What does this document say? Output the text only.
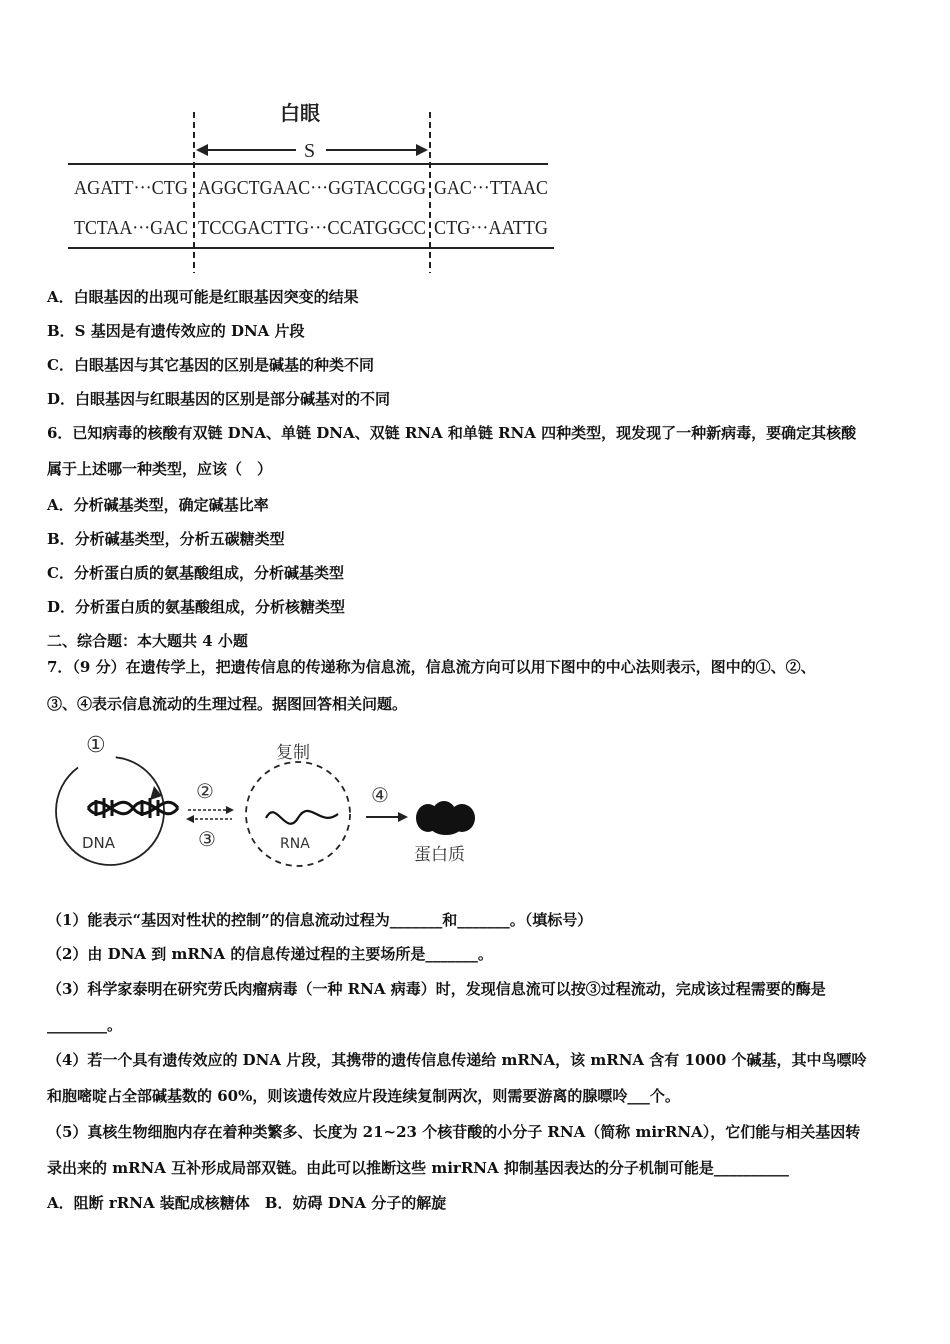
白眼
S
AGATT···CTG AGGCTGAAC···GGTACCGG GAC···TTAAC
TCTAA···GAC TCCGACTTG···CCATGGCC CTG···AATTG
A．白眼基因的出现可能是红眼基因突变的结果
B．S 基因是有遗传效应的 DNA 片段
C．白眼基因与其它基因的区别是碱基的种类不同
D．白眼基因与红眼基因的区别是部分碱基对的不同
6．已知病毒的核酸有双链 DNA、单链 DNA、双链 RNA 和单链 RNA 四种类型，现发现了一种新病毒，要确定其核酸
属于上述哪一种类型，应该（　）
A．分析碱基类型，确定碱基比率
B．分析碱基类型，分析五碳糖类型
C．分析蛋白质的氨基酸组成，分析碱基类型
D．分析蛋白质的氨基酸组成，分析核糖类型
二、综合题：本大题共 4 小题
7．（9 分）在遗传学上，把遗传信息的传递称为信息流，信息流方向可以用下图中的中心法则表示，图中的①、②、
③、④表示信息流动的生理过程。据图回答相关问题。
①
DNA
②
③
复制
RNA
④
蛋白质
（1）能表示“基因对性状的控制”的信息流动过程为_______和_______。（填标号）
（2）由 DNA 到 mRNA 的信息传递过程的主要场所是_______。
（3）科学家泰明在研究劳氏肉瘤病毒（一种 RNA 病毒）时，发现信息流可以按③过程流动，完成该过程需要的酶是
________。
（4）若一个具有遗传效应的 DNA 片段，其携带的遗传信息传递给 mRNA，该 mRNA 含有 1000 个碱基，其中鸟嘌呤
和胞嘧啶占全部碱基数的 60%，则该遗传效应片段连续复制两次，则需要游离的腺嘌呤___个。
（5）真核生物细胞内存在着种类繁多、长度为 21~23 个核苷酸的小分子 RNA（简称 mirRNA），它们能与相关基因转
录出来的 mRNA 互补形成局部双链。由此可以推断这些 mirRNA 抑制基因表达的分子机制可能是__________
A．阻断 rRNA 装配成核糖体　B．妨碍 DNA 分子的解旋
